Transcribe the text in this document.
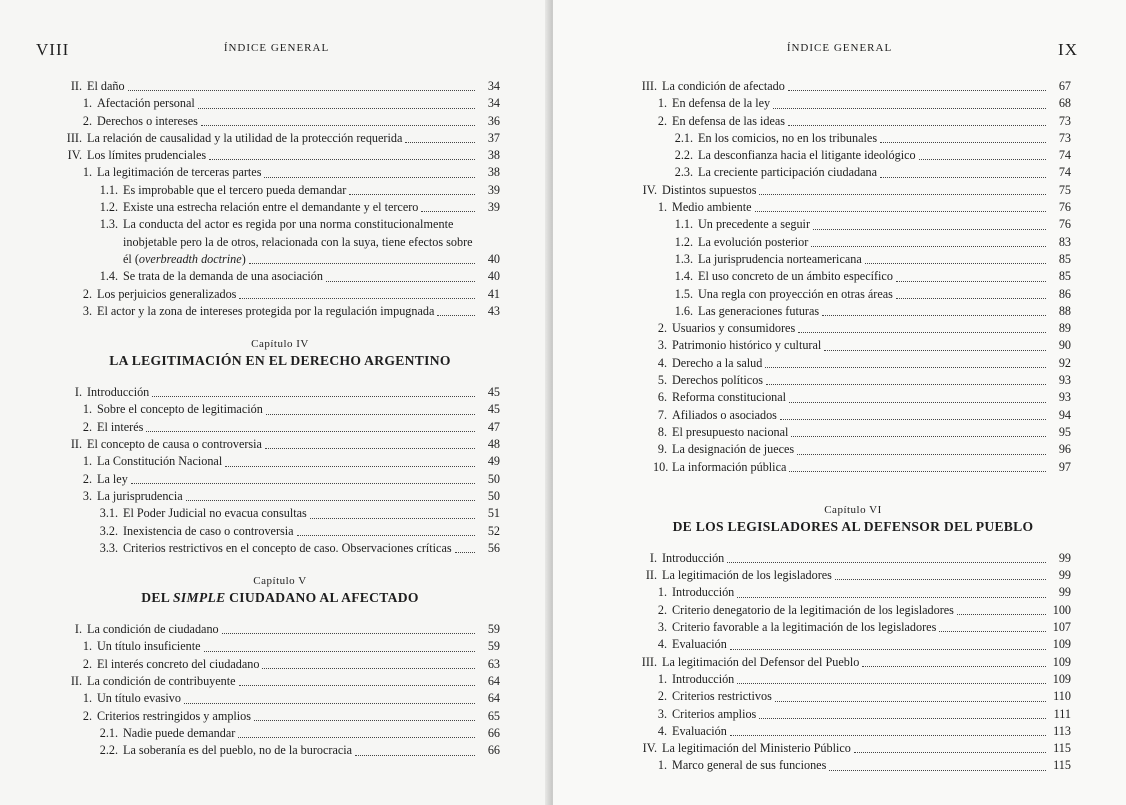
VIII	ÍNDICE GENERAL
II. El daño	34
1. Afectación personal	34
2. Derechos o intereses	36
III. La relación de causalidad y la utilidad de la protección requerida	37
IV. Los límites prudenciales	38
1. La legitimación de terceras partes	38
1.1. Es improbable que el tercero pueda demandar	39
1.2. Existe una estrecha relación entre el demandante y el tercero	39
1.3. La conducta del actor es regida por una norma constitucionalmente
inobjetable pero la de otros, relacionada con la suya, tiene efectos sobre
él (overbreadth doctrine)	40
1.4. Se trata de la demanda de una asociación	40
2. Los perjuicios generalizados	41
3. El actor y la zona de intereses protegida por la regulación impugnada	43
Capítulo IV
LA LEGITIMACIÓN EN EL DERECHO ARGENTINO
I. Introducción	45
1. Sobre el concepto de legitimación	45
2. El interés	47
II. El concepto de causa o controversia	48
1. La Constitución Nacional	49
2. La ley	50
3. La jurisprudencia	50
3.1. El Poder Judicial no evacua consultas	51
3.2. Inexistencia de caso o controversia	52
3.3. Criterios restrictivos en el concepto de caso. Observaciones críticas	56
Capítulo V
DEL SIMPLE CIUDADANO AL AFECTADO
I. La condición de ciudadano	59
1. Un título insuficiente	59
2. El interés concreto del ciudadano	63
II. La condición de contribuyente	64
1. Un título evasivo	64
2. Criterios restringidos y amplios	65
2.1. Nadie puede demandar	66
2.2. La soberanía es del pueblo, no de la burocracia	66
IX
ÍNDICE GENERAL
III. La condición de afectado	67
1. En defensa de la ley	68
2. En defensa de las ideas	73
2.1. En los comicios, no en los tribunales	73
2.2. La desconfianza hacia el litigante ideológico	74
2.3. La creciente participación ciudadana	74
IV. Distintos supuestos	75
1. Medio ambiente	76
1.1. Un precedente a seguir	76
1.2. La evolución posterior	83
1.3. La jurisprudencia norteamericana	85
1.4. El uso concreto de un ámbito específico	85
1.5. Una regla con proyección en otras áreas	86
1.6. Las generaciones futuras	88
2. Usuarios y consumidores	89
3. Patrimonio histórico y cultural	90
4. Derecho a la salud	92
5. Derechos políticos	93
6. Reforma constitucional	93
7. Afiliados o asociados	94
8. El presupuesto nacional	95
9. La designación de jueces	96
10. La información pública	97
Capítulo VI
DE LOS LEGISLADORES AL DEFENSOR DEL PUEBLO
I. Introducción	99
II. La legitimación de los legisladores	99
1. Introducción	99
2. Criterio denegatorio de la legitimación de los legisladores	100
3. Criterio favorable a la legitimación de los legisladores	107
4. Evaluación	109
III. La legitimación del Defensor del Pueblo	109
1. Introducción	109
2. Criterios restrictivos	110
3. Criterios amplios	111
4. Evaluación	113
IV. La legitimación del Ministerio Público	115
1. Marco general de sus funciones	115
